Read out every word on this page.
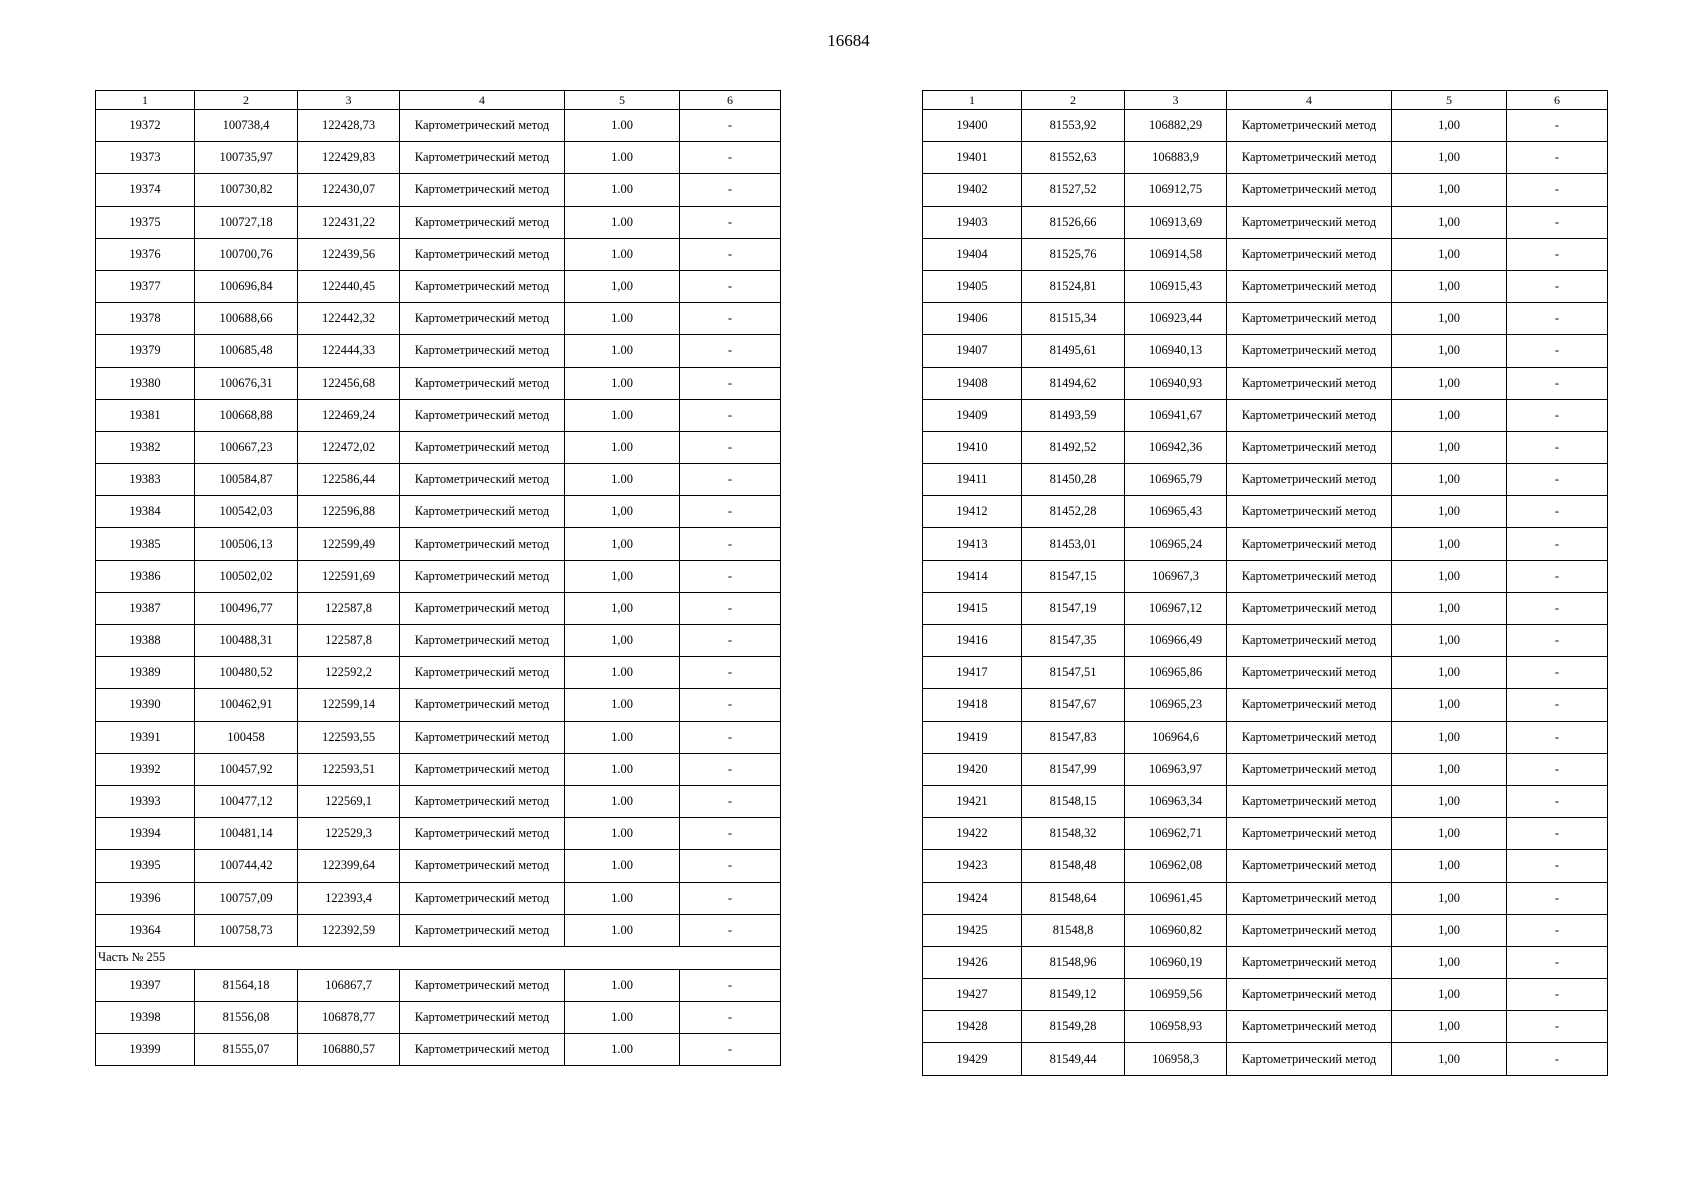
16684
1	2	3	4	5	6
19372	100738,4	122428,73	Картометрический метод	1.00	-
19373	100735,97	122429,83	Картометрический метод	1.00	-
19374	100730,82	122430,07	Картометрический метод	1.00	-
19375	100727,18	122431,22	Картометрический метод	1.00	-
19376	100700,76	122439,56	Картометрический метод	1.00	-
19377	100696,84	122440,45	Картометрический метод	1,00	-
19378	100688,66	122442,32	Картометрический метод	1.00	-
19379	100685,48	122444,33	Картометрический метод	1.00	-
19380	100676,31	122456,68	Картометрический метод	1.00	-
19381	100668,88	122469,24	Картометрический метод	1.00	-
19382	100667,23	122472,02	Картометрический метод	1.00	-
19383	100584,87	122586,44	Картометрический метод	1.00	-
19384	100542,03	122596,88	Картометрический метод	1,00	-
19385	100506,13	122599,49	Картометрический метод	1,00	-
19386	100502,02	122591,69	Картометрический метод	1,00	-
19387	100496,77	122587,8	Картометрический метод	1,00	-
19388	100488,31	122587,8	Картометрический метод	1,00	-
19389	100480,52	122592,2	Картометрический метод	1.00	-
19390	100462,91	122599,14	Картометрический метод	1.00	-
19391	100458	122593,55	Картометрический метод	1.00	-
19392	100457,92	122593,51	Картометрический метод	1.00	-
19393	100477,12	122569,1	Картометрический метод	1.00	-
19394	100481,14	122529,3	Картометрический метод	1.00	-
19395	100744,42	122399,64	Картометрический метод	1.00	-
19396	100757,09	122393,4	Картометрический метод	1.00	-
19364	100758,73	122392,59	Картометрический метод	1.00	-
Часть № 255					
19397	81564,18	106867,7	Картометрический метод	1.00	-
19398	81556,08	106878,77	Картометрический метод	1.00	-
19399	81555,07	106880,57	Картометрический метод	1.00	-
1	2	3	4	5	6
19400	81553,92	106882,29	Картометрический метод	1,00	-
19401	81552,63	106883,9	Картометрический метод	1,00	-
19402	81527,52	106912,75	Картометрический метод	1,00	-
19403	81526,66	106913,69	Картометрический метод	1,00	-
19404	81525,76	106914,58	Картометрический метод	1,00	-
19405	81524,81	106915,43	Картометрический метод	1,00	-
19406	81515,34	106923,44	Картометрический метод	1,00	-
19407	81495,61	106940,13	Картометрический метод	1,00	-
19408	81494,62	106940,93	Картометрический метод	1,00	-
19409	81493,59	106941,67	Картометрический метод	1,00	-
19410	81492,52	106942,36	Картометрический метод	1,00	-
19411	81450,28	106965,79	Картометрический метод	1,00	-
19412	81452,28	106965,43	Картометрический метод	1,00	-
19413	81453,01	106965,24	Картометрический метод	1,00	-
19414	81547,15	106967,3	Картометрический метод	1,00	-
19415	81547,19	106967,12	Картометрический метод	1,00	-
19416	81547,35	106966,49	Картометрический метод	1,00	-
19417	81547,51	106965,86	Картометрический метод	1,00	-
19418	81547,67	106965,23	Картометрический метод	1,00	-
19419	81547,83	106964,6	Картометрический метод	1,00	-
19420	81547,99	106963,97	Картометрический метод	1,00	-
19421	81548,15	106963,34	Картометрический метод	1,00	-
19422	81548,32	106962,71	Картометрический метод	1,00	-
19423	81548,48	106962,08	Картометрический метод	1,00	-
19424	81548,64	106961,45	Картометрический метод	1,00	-
19425	81548,8	106960,82	Картометрический метод	1,00	-
19426	81548,96	106960,19	Картометрический метод	1,00	-
19427	81549,12	106959,56	Картометрический метод	1,00	-
19428	81549,28	106958,93	Картометрический метод	1,00	-
19429	81549,44	106958,3	Картометрический метод	1,00	-
